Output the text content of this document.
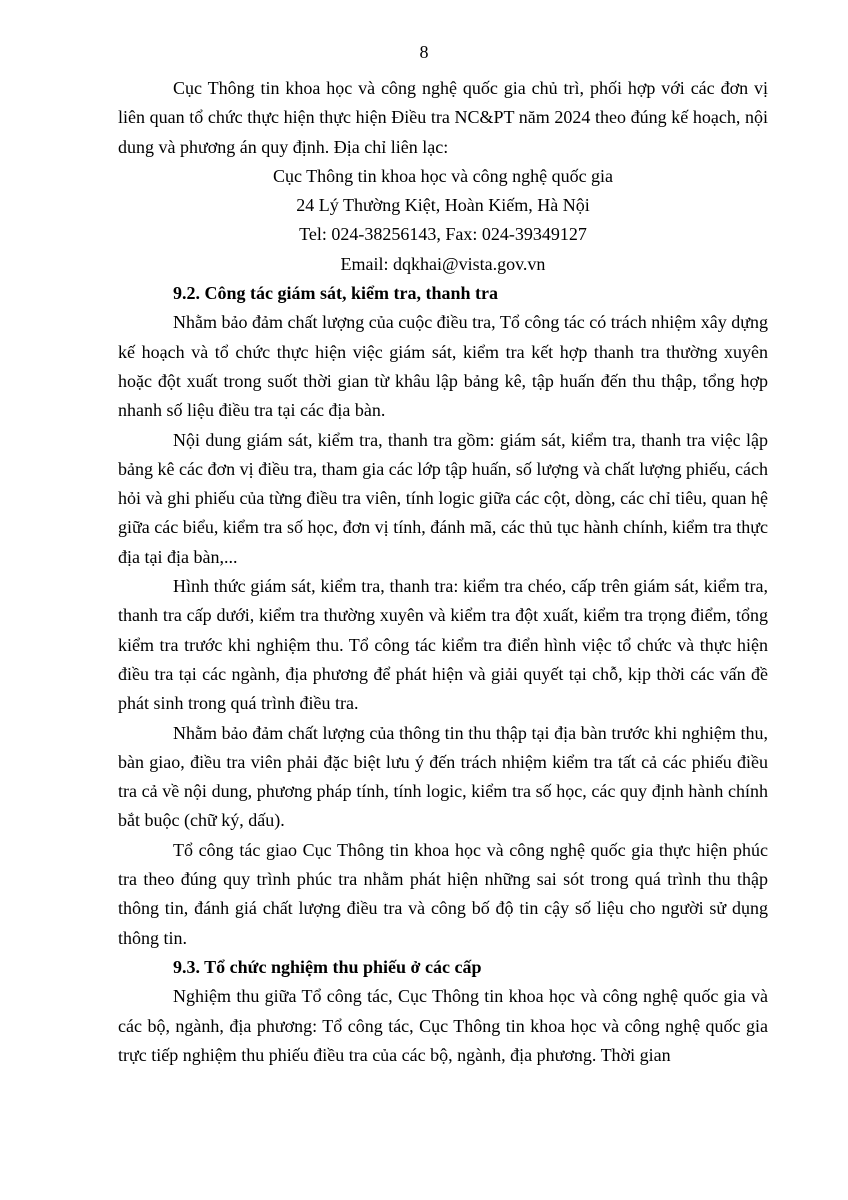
8

Cục Thông tin khoa học và công nghệ quốc gia chủ trì, phối hợp với các đơn vị liên quan tổ chức thực hiện thực hiện Điều tra NC&PT năm 2024 theo đúng kế hoạch, nội dung và phương án quy định. Địa chỉ liên lạc:

Cục Thông tin khoa học và công nghệ quốc gia

24 Lý Thường Kiệt, Hoàn Kiếm, Hà Nội

Tel: 024-38256143, Fax: 024-39349127

Email: dqkhai@vista.gov.vn

9.2. Công tác giám sát, kiểm tra, thanh tra

Nhằm bảo đảm chất lượng của cuộc điều tra, Tổ công tác có trách nhiệm xây dựng kế hoạch và tổ chức thực hiện việc giám sát, kiểm tra kết hợp thanh tra thường xuyên hoặc đột xuất trong suốt thời gian từ khâu lập bảng kê, tập huấn đến thu thập, tổng hợp nhanh số liệu điều tra tại các địa bàn.

Nội dung giám sát, kiểm tra, thanh tra gồm: giám sát, kiểm tra, thanh tra việc lập bảng kê các đơn vị điều tra, tham gia các lớp tập huấn, số lượng và chất lượng phiếu, cách hỏi và ghi phiếu của từng điều tra viên, tính logic giữa các cột, dòng, các chỉ tiêu, quan hệ giữa các biểu, kiểm tra số học, đơn vị tính, đánh mã, các thủ tục hành chính, kiểm tra thực địa tại địa bàn,...

Hình thức giám sát, kiểm tra, thanh tra: kiểm tra chéo, cấp trên giám sát, kiểm tra, thanh tra cấp dưới, kiểm tra thường xuyên và kiểm tra đột xuất, kiểm tra trọng điểm, tổng kiểm tra trước khi nghiệm thu. Tổ công tác kiểm tra điển hình việc tổ chức và thực hiện điều tra tại các ngành, địa phương để phát hiện và giải quyết tại chỗ, kịp thời các vấn đề phát sinh trong quá trình điều tra.

Nhằm bảo đảm chất lượng của thông tin thu thập tại địa bàn trước khi nghiệm thu, bàn giao, điều tra viên phải đặc biệt lưu ý đến trách nhiệm kiểm tra tất cả các phiếu điều tra cả về nội dung, phương pháp tính, tính logic, kiểm tra số học, các quy định hành chính bắt buộc (chữ ký, dấu).

Tổ công tác giao Cục Thông tin khoa học và công nghệ quốc gia thực hiện phúc tra theo đúng quy trình phúc tra nhằm phát hiện những sai sót trong quá trình thu thập thông tin, đánh giá chất lượng điều tra và công bố độ tin cậy số liệu cho người sử dụng thông tin.

9.3. Tổ chức nghiệm thu phiếu ở các cấp

Nghiệm thu giữa Tổ công tác, Cục Thông tin khoa học và công nghệ quốc gia và các bộ, ngành, địa phương: Tổ công tác, Cục Thông tin khoa học và công nghệ quốc gia trực tiếp nghiệm thu phiếu điều tra của các bộ, ngành, địa phương. Thời gian
